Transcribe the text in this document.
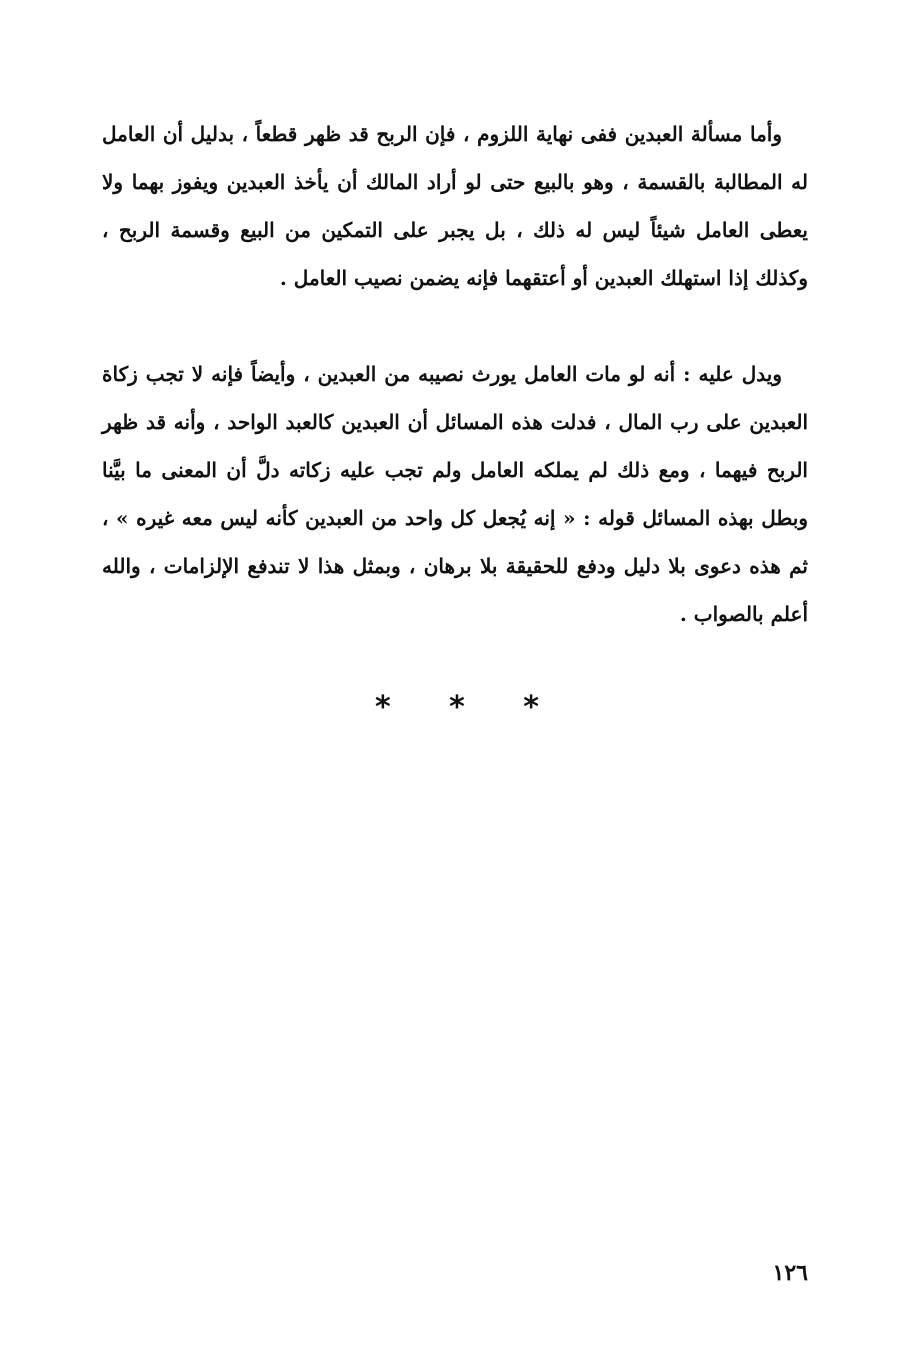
وأما مسألة العبدين ففى نهاية اللزوم ، فإن الربح قد ظهر قطعاً ، بدليل أن العامل له المطالبة بالقسمة ، وهو بالبيع حتى لو أراد المالك أن يأخذ العبدين ويفوز بهما ولا يعطى العامل شيئاً ليس له ذلك ، بل يجبر على التمكين من البيع وقسمة الربح ، وكذلك إذا استهلك العبدين أو أعتقهما فإنه يضمن نصيب العامل .
ويدل عليه : أنه لو مات العامل يورث نصيبه من العبدين ، وأيضاً فإنه لا تجب زكاة العبدين على رب المال ، فدلت هذه المسائل أن العبدين كالعبد الواحد ، وأنه قد ظهر الربح فيهما ، ومع ذلك لم يملكه العامل ولم تجب عليه زكاته دلَّ أن المعنى ما بيَّنا وبطل بهذه المسائل قوله : « إنه يُجعل كل واحد من العبدين كأنه ليس معه غيره » ، ثم هذه دعوى بلا دليل ودفع للحقيقة بلا برهان ، وبمثل هذا لا تندفع الإلزامات ، والله أعلم بالصواب .
* * *
١٢٦
